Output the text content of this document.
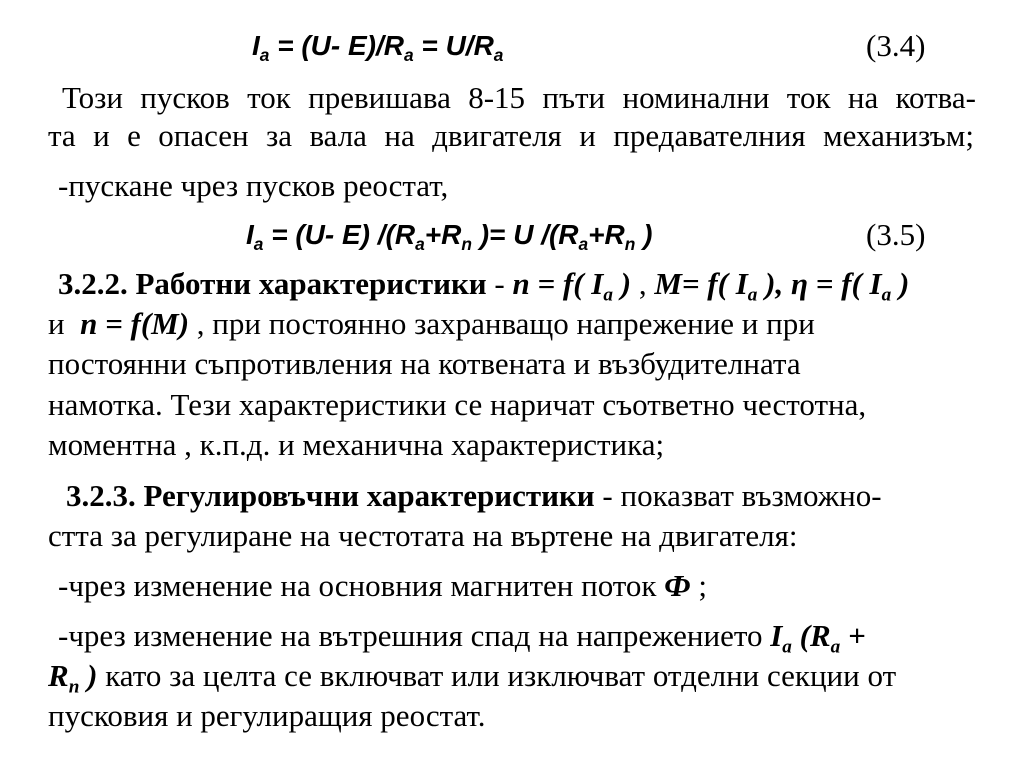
$I_a = (U-$ $E)/R_a = U/R_a$	(3.4)
Този пусков ток превишава 8-15 пъти номинални ток на котва-
та и е опасен за вала на двигателя и предавателния механизъм;
-пускане чрез пусков реостат,
$I_a = (U-$ E) $/(R_a+R_n$ )= U $/(R_a+R_n$ )	(3.5)
3.2.2. Работни характеристики - n = f( $I_a$ ) , M= f( $I_a$ ), η = f( $I_a$ )
и n = f(M) , при постоянно захранващо напрежение и при
постоянни съпротивления на котвената и възбудителната
намотка. Тези характеристики се наричат съответно честотна,
моментна , к.п.д. и механична характеристика;
3.2.3. Регулировъчни характеристики - показват възможно-
стта за регулиране на честотата на въртене на двигателя:
-чрез изменение на основния магнитен поток Ф ;
-чрез изменение на вътрешния спад на напрежението $I_a$ ($R_a$ +
$R_n$ ) като за целта се включват или изключват отделни секции от
пусковия и регулиращия реостат.
